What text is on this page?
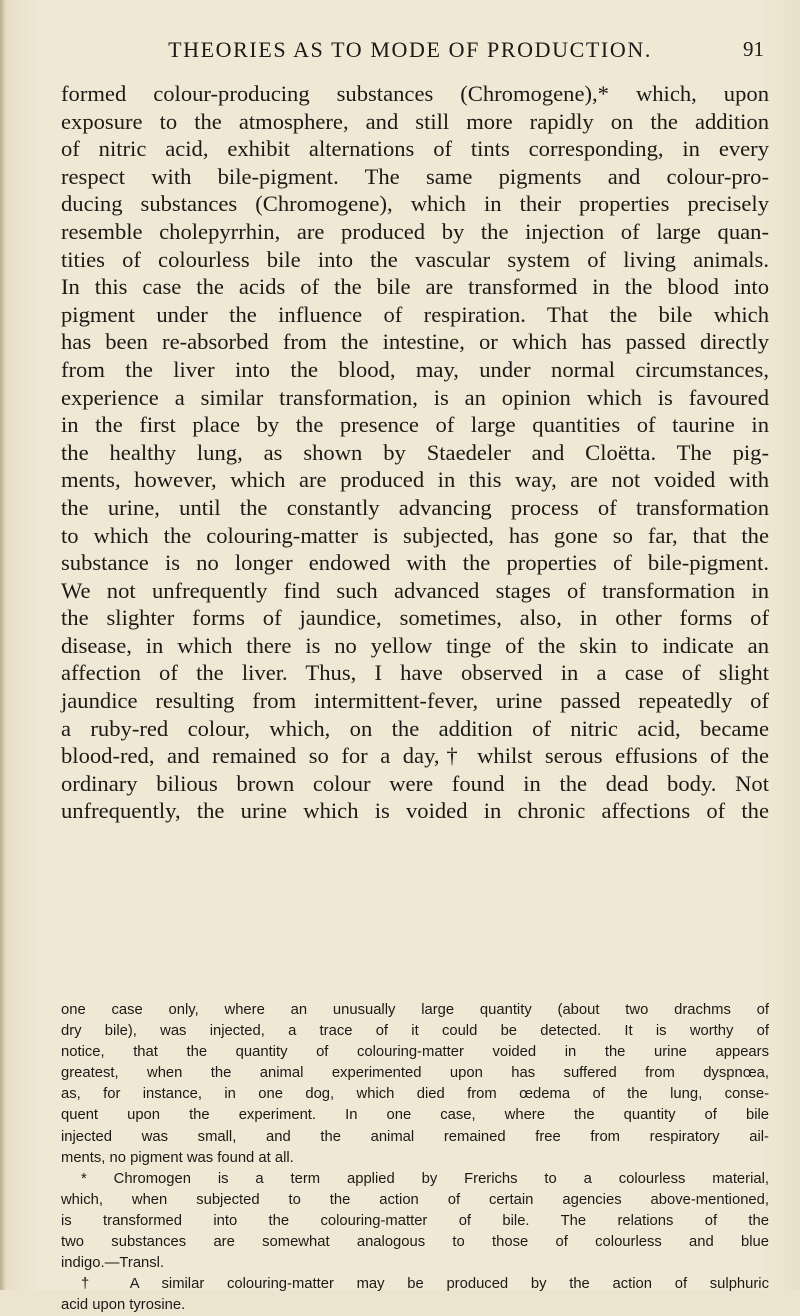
THEORIES AS TO MODE OF PRODUCTION.	91
formed colour-producing substances (Chromogene),* which, upon
exposure to the atmosphere, and still more rapidly on the addition
of nitric acid, exhibit alternations of tints corresponding, in every
respect with bile-pigment. The same pigments and colour-pro-
ducing substances (Chromogene), which in their properties precisely
resemble cholepyrrhin, are produced by the injection of large quan-
tities of colourless bile into the vascular system of living animals.
In this case the acids of the bile are transformed in the blood into
pigment under the influence of respiration. That the bile which
has been re-absorbed from the intestine, or which has passed directly
from the liver into the blood, may, under normal circumstances,
experience a similar transformation, is an opinion which is favoured
in the first place by the presence of large quantities of taurine in
the healthy lung, as shown by Staedeler and Cloëtta. The pig-
ments, however, which are produced in this way, are not voided with
the urine, until the constantly advancing process of transformation
to which the colouring-matter is subjected, has gone so far, that the
substance is no longer endowed with the properties of bile-pigment.
We not unfrequently find such advanced stages of transformation in
the slighter forms of jaundice, sometimes, also, in other forms of
disease, in which there is no yellow tinge of the skin to indicate an
affection of the liver. Thus, I have observed in a case of slight
jaundice resulting from intermittent-fever, urine passed repeatedly of
a ruby-red colour, which, on the addition of nitric acid, became
blood-red, and remained so for a day,† whilst serous effusions of the
ordinary bilious brown colour were found in the dead body. Not
unfrequently, the urine which is voided in chronic affections of the
one case only, where an unusually large quantity (about two drachms of
dry bile), was injected, a trace of it could be detected. It is worthy of
notice, that the quantity of colouring-matter voided in the urine appears
greatest, when the animal experimented upon has suffered from dyspnœa,
as, for instance, in one dog, which died from œdema of the lung, conse-
quent upon the experiment. In one case, where the quantity of bile
injected was small, and the animal remained free from respiratory ail-
ments, no pigment was found at all.
* Chromogen is a term applied by Frerichs to a colourless material,
which, when subjected to the action of certain agencies above-mentioned,
is transformed into the colouring-matter of bile. The relations of the
two substances are somewhat analogous to those of colourless and blue
indigo.—Transl.
† A similar colouring-matter may be produced by the action of sulphuric
acid upon tyrosine.
